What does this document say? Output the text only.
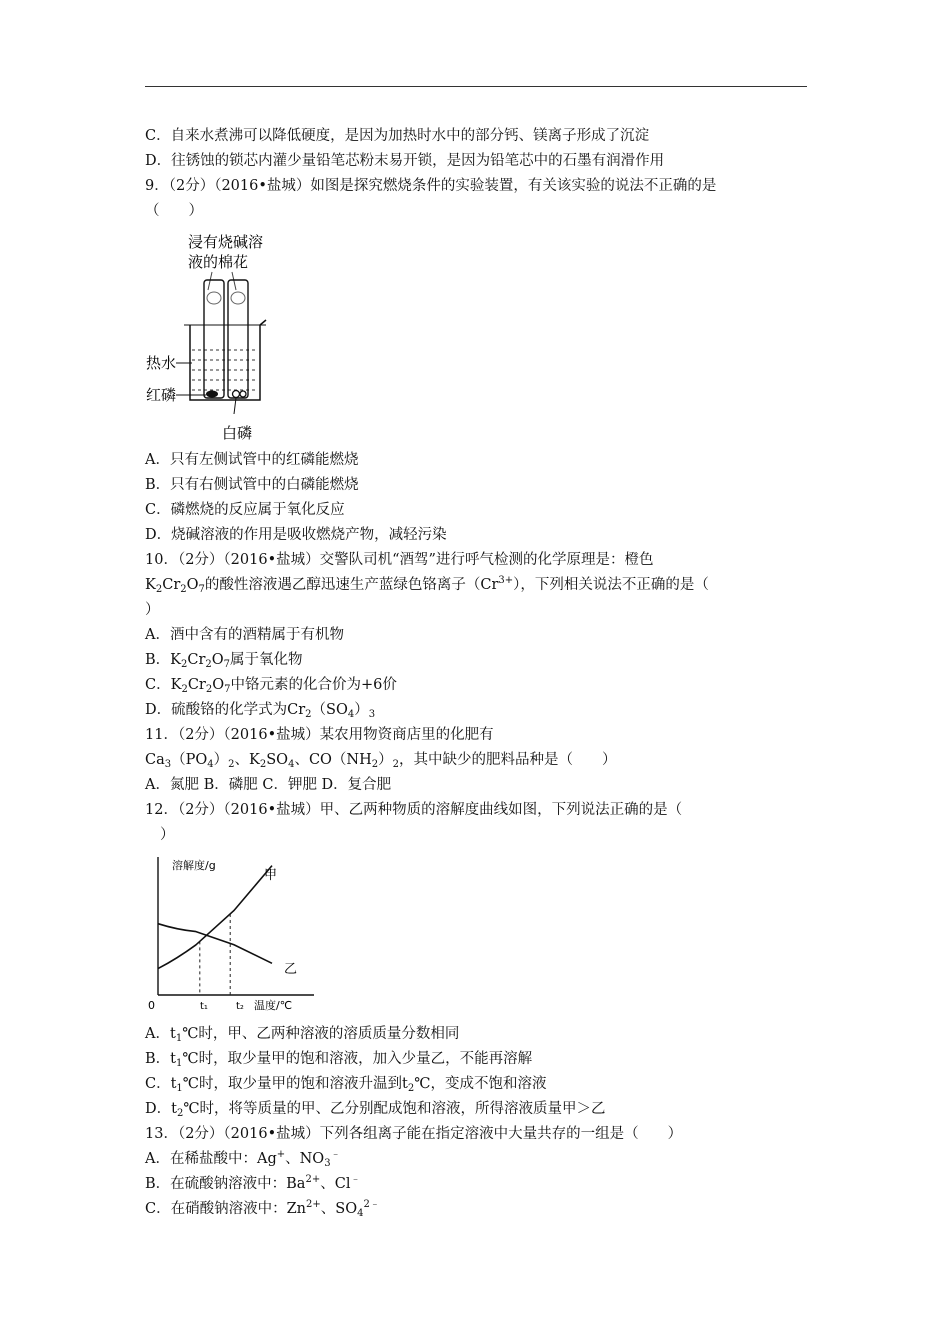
C．自来水煮沸可以降低硬度，是因为加热时水中的部分钙、镁离子形成了沉淀
D．往锈蚀的锁芯内灌少量铅笔芯粉末易开锁，是因为铅笔芯中的石墨有润滑作用
9．（2分）（2016•盐城）如图是探究燃烧条件的实验装置，有关该实验的说法不正确的是
（　　）
浸有烧碱溶
液的棉花
热水
红磷
白磷
A．只有左侧试管中的红磷能燃烧
B．只有右侧试管中的白磷能燃烧
C．磷燃烧的反应属于氧化反应
D．烧碱溶液的作用是吸收燃烧产物，减轻污染
10．（2分）（2016•盐城）交警队司机“酒驾”进行呼气检测的化学原理是：橙色
$K_2Cr_2O_7$的酸性溶液遇乙醇迅速生产蓝绿色铬离子$(Cr^{3+})$，下列相关说法不正确的是（
）
A．酒中含有的酒精属于有机物
B．$K_2Cr_2O_7$属于氧化物
C．$K_2Cr_2O_7$中铬元素的化合价为+6价
D．硫酸铬的化学式为$Cr_2(SO_4)_3$
11．（2分）（2016•盐城）某农用物资商店里的化肥有
$Ca_3(PO_4)_2$、$K_2SO_4$、$CO(NH_2)_2$，其中缺少的肥料品种是（　　）
A．氮肥 B．磷肥 C．钾肥 D．复合肥
12．（2分）（2016•盐城）甲、乙两种物质的溶解度曲线如图，下列说法正确的是（
）
溶解度/g
温度/℃
0	t₁	t₂
甲
乙
A．$t_1℃$时，甲、乙两种溶液的溶质质量分数相同
B．$t_1℃$时，取少量甲的饱和溶液，加入少量乙，不能再溶解
C．$t_1℃$时，取少量甲的饱和溶液升温到$t_2℃$，变成不饱和溶液
D．$t_2℃$时，将等质量的甲、乙分别配成饱和溶液，所得溶液质量甲＞乙
13．（2分）（2016•盐城）下列各组离子能在指定溶液中大量共存的一组是（　　）
A．在稀盐酸中：Ag+、$NO_3^﹣$
B．在硫酸钠溶液中：$Ba^{2+}$、Cl﹣
C．在硝酸钠溶液中：$Zn^{2+}$、$SO_4^{2﹣}$
